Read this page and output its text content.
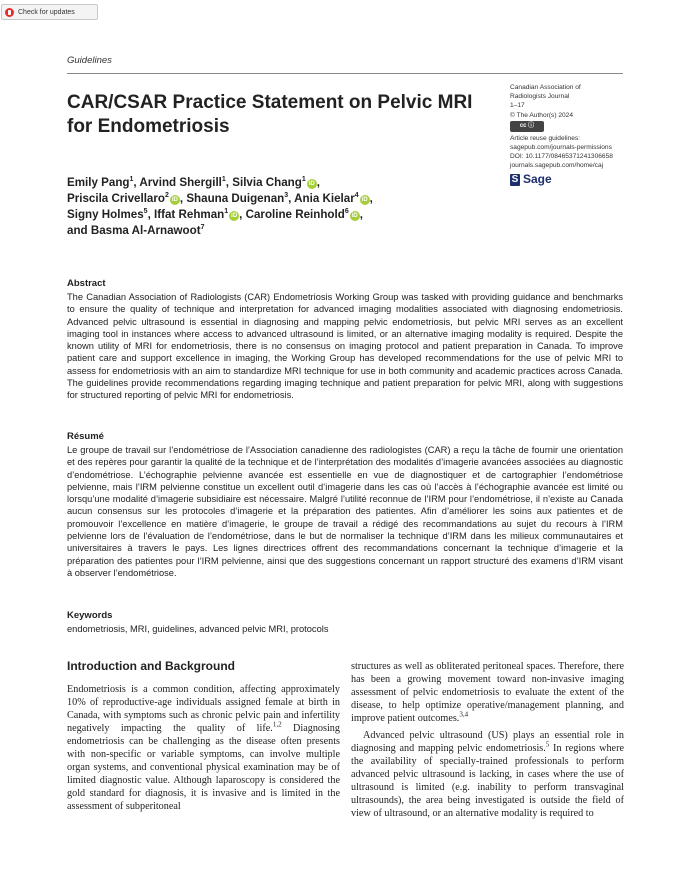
Check for updates
Guidelines
CAR/CSAR Practice Statement on Pelvic MRI for Endometriosis
Canadian Association of
Radiologists Journal
1–17
© The Author(s) 2024
cc ⓘ
Article reuse guidelines:
sagepub.com/journals-permissions
DOI: 10.1177/08465371241306658
journals.sagepub.com/home/caj
S Sage
Emily Pang$^1$, Arvind Shergill$^1$, Silvia Chang$^1$iD ,
Priscila Crivellaro$^2$iD , Shauna Duigenan$^3$, Ania Kielar$^4$iD ,
Signy Holmes$^5$, Iffat Rehman$^1$iD , Caroline Reinhold$^6$iD ,
and Basma Al-Arnawoot$^7$
Abstract

The Canadian Association of Radiologists (CAR) Endometriosis Working Group was tasked with providing guidance and benchmarks to ensure the quality of technique and interpretation for advanced imaging modalities associated with diagnosing endometriosis. Advanced pelvic ultrasound is essential in diagnosing and mapping pelvic endometriosis, but pelvic MRI serves as an excellent imaging tool in instances where access to advanced ultrasound is limited, or an alternative imaging modality is required. Despite the known utility of MRI for endometriosis, there is no consensus on imaging protocol and patient preparation in Canada. To improve patient care and support excellence in imaging, the Working Group has developed recommendations for the use of pelvic MRI to assess for endometriosis with an aim to standardize MRI technique for use in both community and academic practices across Canada. The guidelines provide recommendations regarding imaging technique and patient preparation for pelvic MRI, along with suggestions for structured reporting of pelvic MRI for endometriosis.

Résumé

Le groupe de travail sur l’endométriose de l’Association canadienne des radiologistes (CAR) a reçu la tâche de fournir une orientation et des repères pour garantir la qualité de la technique et de l’interprétation des modalités d’imagerie avancées associées au diagnostic d’endométriose. L’échographie pelvienne avancée est essentielle en vue de diagnostiquer et de cartographier l’endométriose pelvienne, mais l’IRM pelvienne constitue un excellent outil d’imagerie dans les cas où l’accès à l’échographie avancée est limité ou lorsqu’une modalité d’imagerie subsidiaire est nécessaire. Malgré l’utilité reconnue de l’IRM pour l’endométriose, il n’existe au Canada aucun consensus sur les protocoles d’imagerie et la préparation des patientes. Afin d’améliorer les soins aux patientes et de promouvoir l’excellence en matière d’imagerie, le groupe de travail a rédigé des recommandations au sujet du recours à l’IRM pelvienne lors de l’évaluation de l’endométriose, dans le but de normaliser la technique d’IRM dans les milieux communautaires et universitaires à travers le pays. Les lignes directrices offrent des recommandations concernant la technique d’imagerie et la préparation des patientes pour l’IRM pelvienne, ainsi que des suggestions concernant un rapport structuré des examens d’IRM visant à observer l’endométriose.

Keywords

endometriosis, MRI, guidelines, advanced pelvic MRI, protocols

Introduction and Background

Endometriosis is a common condition, affecting approximately 10% of reproductive-age individuals assigned female at birth in Canada, with symptoms such as chronic pelvic pain and infertility negatively impacting the quality of life.$^{1,2}$ Diagnosing endometriosis can be challenging as the disease often presents with non-specific or variable symptoms, can involve multiple organ systems, and conventional physical examination may be of limited diagnostic value. Although laparoscopy is considered the gold standard for diagnosis, it is invasive and is limited in the assessment of subperitoneal

structures as well as obliterated peritoneal spaces. Therefore, there has been a growing movement toward non-invasive imaging assessment of pelvic endometriosis to evaluate the extent of the disease, to help optimize operative/management planning, and improve patient outcomes.$^{3,4}$

Advanced pelvic ultrasound (US) plays an essential role in diagnosing and mapping pelvic endometriosis.$^5$ In regions where the availability of specially-trained professionals to perform advanced pelvic ultrasound is lacking, in cases where the use of ultrasound is limited (e.g. inability to perform transvaginal ultrasounds), the area being investigated is outside the field of view of ultrasound, or an alternative modality is required to
